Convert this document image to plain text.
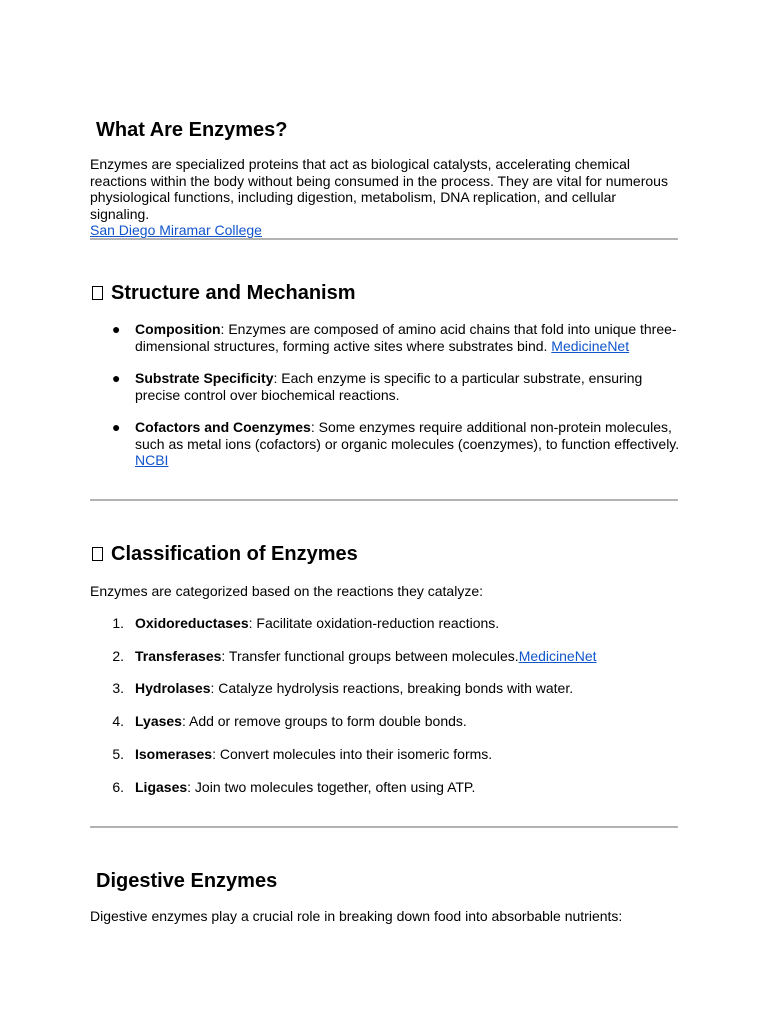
What Are Enzymes?

Enzymes are specialized proteins that act as biological catalysts, accelerating chemical reactions within the body without being consumed in the process. They are vital for numerous physiological functions, including digestion, metabolism, DNA replication, and cellular signaling.
San Diego Miramar College

Structure and Mechanism
●	Composition: Enzymes are composed of amino acid chains that fold into unique three-dimensional structures, forming active sites where substrates bind. MedicineNet
●	Substrate Specificity: Each enzyme is specific to a particular substrate, ensuring precise control over biochemical reactions.
●	Cofactors and Coenzymes: Some enzymes require additional non-protein molecules, such as metal ions (cofactors) or organic molecules (coenzymes), to function effectively.
NCBI
Classification of Enzymes

Enzymes are categorized based on the reactions they catalyze:

1. Oxidoreductases: Facilitate oxidation-reduction reactions.
2. Transferases: Transfer functional groups between molecules.MedicineNet
3. Hydrolases: Catalyze hydrolysis reactions, breaking bonds with water.
4. Lyases: Add or remove groups to form double bonds.
5. Isomerases: Convert molecules into their isomeric forms.
6. Ligases: Join two molecules together, often using ATP.
Digestive Enzymes

Digestive enzymes play a crucial role in breaking down food into absorbable nutrients:
